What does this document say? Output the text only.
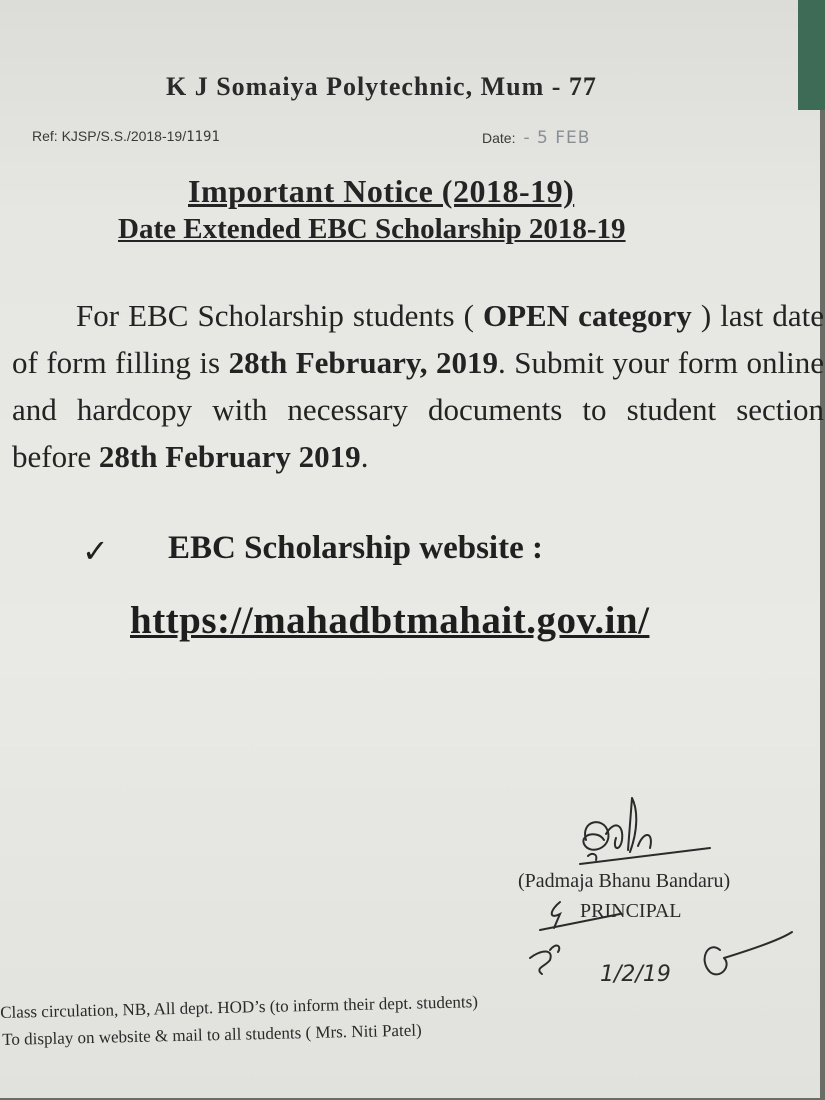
K J Somaiya Polytechnic, Mum - 77
Ref: KJSP/S.S./2018-19/1191	Date: - 5 FEB
Important Notice (2018-19)
Date Extended EBC Scholarship 2018-19
For EBC Scholarship students ( OPEN category ) last date of form filling is 28th February, 2019. Submit your form online and hardcopy with necessary documents to student section before 28th February 2019.
✓ EBC Scholarship website :
https://mahadbtmahait.gov.in/
(Padmaja Bhanu Bandaru)
PRINCIPAL
1/2/19
Class circulation, NB, All dept. HOD’s (to inform their dept. students)
To display on website & mail to all students ( Mrs. Niti Patel)
